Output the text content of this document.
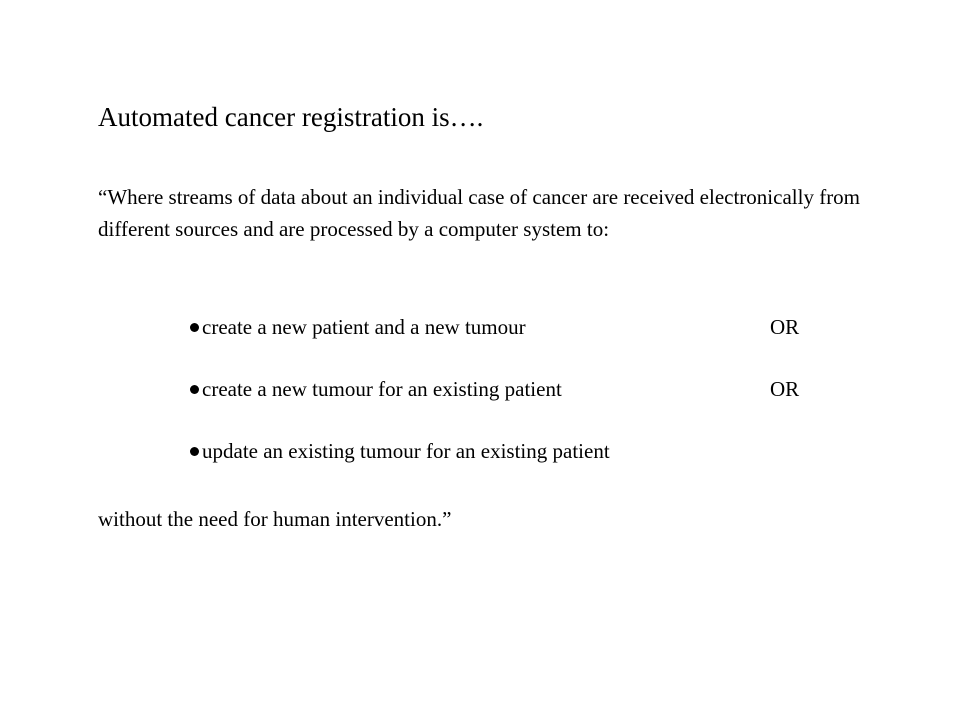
Automated cancer registration is….

“Where streams of data about an individual case of cancer are received electronically from different sources and are processed by a computer system to:

create a new patient and a new tumour	OR
create a new tumour for an existing patient	OR
update an existing tumour for an existing patient
without the need for human intervention.”
